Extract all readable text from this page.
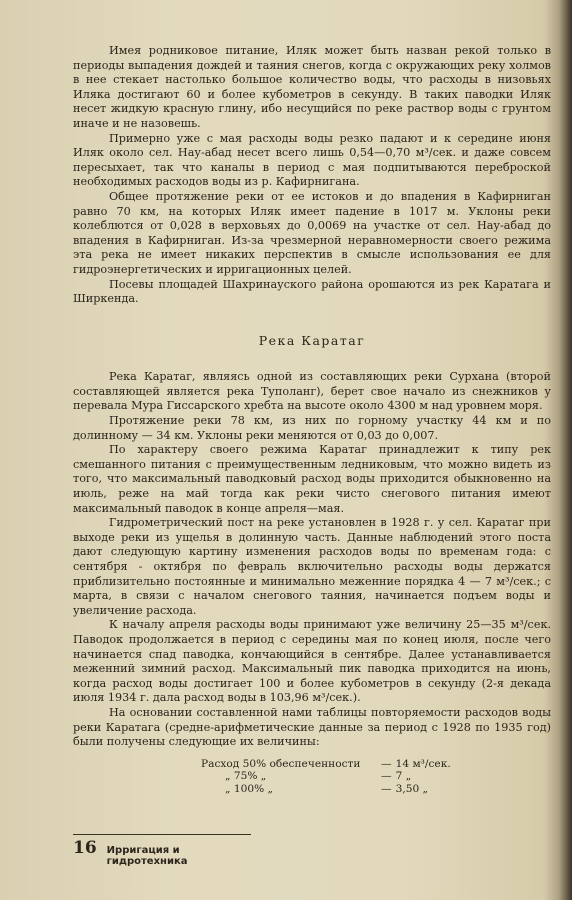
Имея родниковое питание, Иляк может быть назван рекой только в периоды выпадения дождей и таяния снегов, когда с окружающих реку холмов в нее стекает настолько большое количество воды, что расходы в низовьях Иляка достигают 60 и более кубометров в секунду. В таких паводки Иляк несет жидкую красную глину, ибо несущийся по реке раствор воды с грунтом иначе и не назовешь.

Примерно уже с мая расходы воды резко падают и к середине июня Иляк около сел. Нау-абад несет всего лишь 0,54—0,70 м³/сек. и даже совсем пересыхает, так что каналы в период с мая подпитываются переброской необходимых расходов воды из р. Кафирнигана.

Общее протяжение реки от ее истоков и до впадения в Кафирниган равно 70 км, на которых Иляк имеет падение в 1017 м. Уклоны реки колеблются от 0,028 в верховьях до 0,0069 на участке от сел. Нау-абад до впадения в Кафирниган. Из-за чрезмерной неравномерности своего режима эта река не имеет никаких перспектив в смысле использования ее для гидроэнергетических и ирригационных целей.

Посевы площадей Шахринауского района орошаются из рек Каратага и Ширкенда.

Река Каратаг

Река Каратаг, являясь одной из составляющих реки Сурхана (второй составляющей является река Туполанг), берет свое начало из снежников у перевала Мура Гиссарского хребта на высоте около 4300 м над уровнем моря.

Протяжение реки 78 км, из них по горному участку 44 км и по долинному — 34 км. Уклоны реки меняются от 0,03 до 0,007.

По характеру своего режима Каратаг принадлежит к типу рек смешанного питания с преимущественным ледниковым, что можно видеть из того, что максимальный паводковый расход воды приходится обыкновенно на июль, реже на май тогда как реки чисто снегового питания имеют максимальный паводок в конце апреля—мая.

Гидрометрический пост на реке установлен в 1928 г. у сел. Каратаг при выходе реки из ущелья в долинную часть. Данные наблюдений этого поста дают следующую картину изменения расходов воды по временам года: с сентября - октября по февраль включительно расходы воды держатся приблизительно постоянные и минимально меженние порядка 4 — 7 м³/сек.; с марта, в связи с началом снегового таяния, начинается подъем воды и увеличение расхода.

К началу апреля расходы воды принимают уже величину 25—35 м³/сек. Паводок продолжается в период с середины мая по конец июля, после чего начинается спад паводка, кончающийся в сентябре. Далее устанавливается меженний зимний расход. Максимальный пик паводка приходится на июнь, когда расход воды достигает 100 и более кубометров в секунду (2-я декада июля 1934 г. дала расход воды в 103,96 м³/сек.).

На основании составленной нами таблицы повторяемости расходов воды реки Каратага (средне-арифметические данные за период с 1928 по 1935 год) были получены следующие их величины:

Расход 50% обеспеченности	—	14 м³/сек.
„ 75% „	—	7 „
„ 100% „	—	3,50 „
16 Ирригация и гидротехника
